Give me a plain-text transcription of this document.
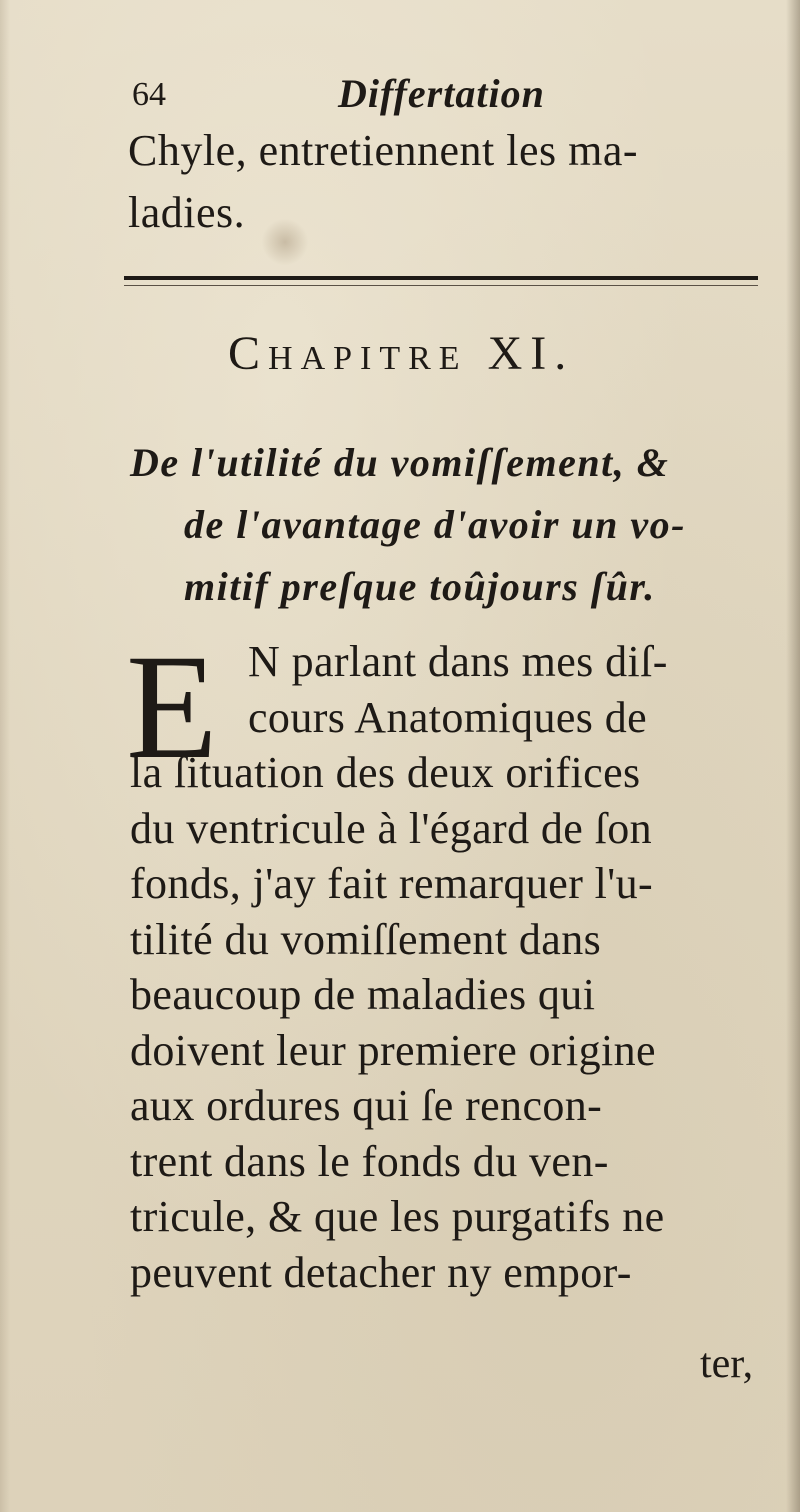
64	Differtation
Chyle, entretiennent les ma-
ladies.
Chapitre XI.
De l'utilité du vomiſſement, &
de l'avantage d'avoir un vo-
mitif preſque toûjours ſûr.
E N parlant dans mes diſ-
cours Anatomiques de
la ſituation des deux orifices
du ventricule à l'égard de ſon
fonds, j'ay fait remarquer l'u-
tilité du vomiſſement dans
beaucoup de maladies qui
doivent leur premiere origine
aux ordures qui ſe rencon-
trent dans le fonds du ven-
tricule, & que les purgatifs ne
peuvent detacher ny empor-
ter,
